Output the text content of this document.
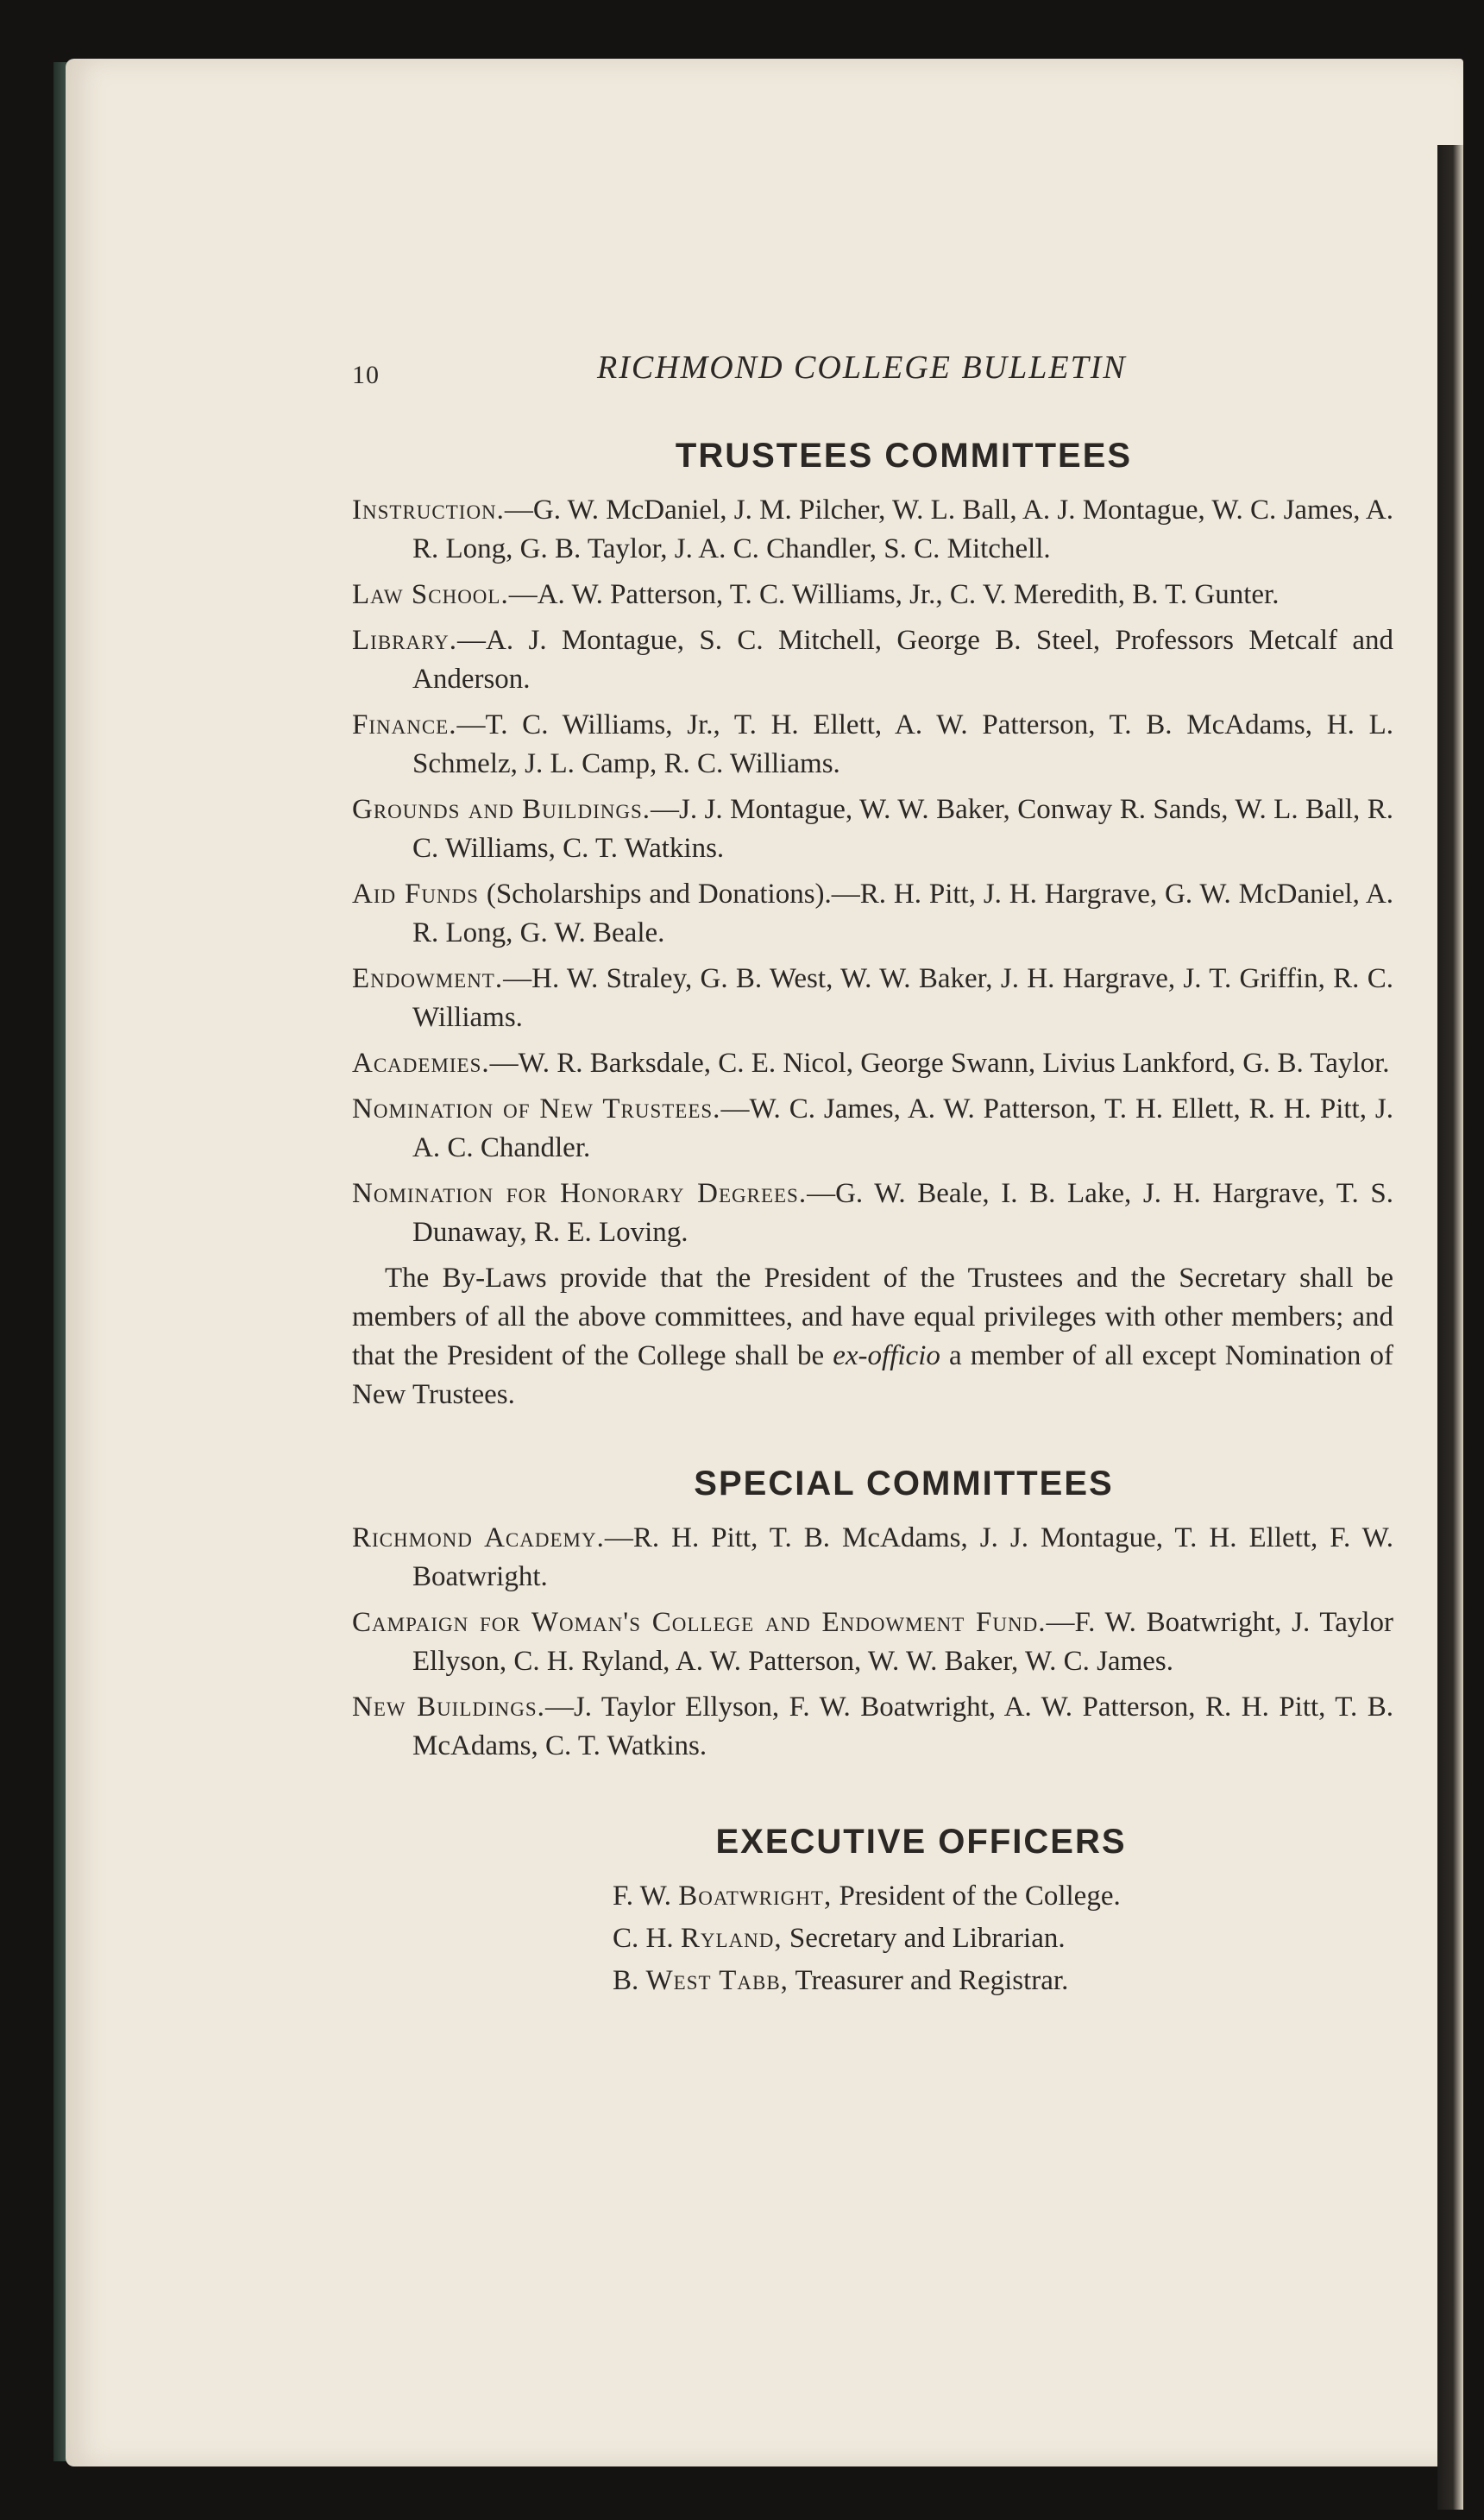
10	RICHMOND COLLEGE BULLETIN
TRUSTEES COMMITTEES

Instruction.—G. W. McDaniel, J. M. Pilcher, W. L. Ball, A. J. Montague, W. C. James, A. R. Long, G. B. Taylor, J. A. C. Chandler, S. C. Mitchell.

Law School.—A. W. Patterson, T. C. Williams, Jr., C. V. Meredith, B. T. Gunter.

Library.—A. J. Montague, S. C. Mitchell, George B. Steel, Professors Metcalf and Anderson.

Finance.—T. C. Williams, Jr., T. H. Ellett, A. W. Patterson, T. B. McAdams, H. L. Schmelz, J. L. Camp, R. C. Williams.

Grounds and Buildings.—J. J. Montague, W. W. Baker, Conway R. Sands, W. L. Ball, R. C. Williams, C. T. Watkins.

Aid Funds (Scholarships and Donations).—R. H. Pitt, J. H. Hargrave, G. W. McDaniel, A. R. Long, G. W. Beale.

Endowment.—H. W. Straley, G. B. West, W. W. Baker, J. H. Hargrave, J. T. Griffin, R. C. Williams.

Academies.—W. R. Barksdale, C. E. Nicol, George Swann, Livius Lankford, G. B. Taylor.

Nomination of New Trustees.—W. C. James, A. W. Patterson, T. H. Ellett, R. H. Pitt, J. A. C. Chandler.

Nomination for Honorary Degrees.—G. W. Beale, I. B. Lake, J. H. Hargrave, T. S. Dunaway, R. E. Loving.

The By-Laws provide that the President of the Trustees and the Secretary shall be members of all the above committees, and have equal privileges with other members; and that the President of the College shall be ex-officio a member of all except Nomination of New Trustees.

SPECIAL COMMITTEES

Richmond Academy.—R. H. Pitt, T. B. McAdams, J. J. Montague, T. H. Ellett, F. W. Boatwright.

Campaign for Woman's College and Endowment Fund.—F. W. Boatwright, J. Taylor Ellyson, C. H. Ryland, A. W. Patterson, W. W. Baker, W. C. James.

New Buildings.—J. Taylor Ellyson, F. W. Boatwright, A. W. Patterson, R. H. Pitt, T. B. McAdams, C. T. Watkins.

EXECUTIVE OFFICERS
F. W. Boatwright, President of the College.
C. H. Ryland, Secretary and Librarian.
B. West Tabb, Treasurer and Registrar.
